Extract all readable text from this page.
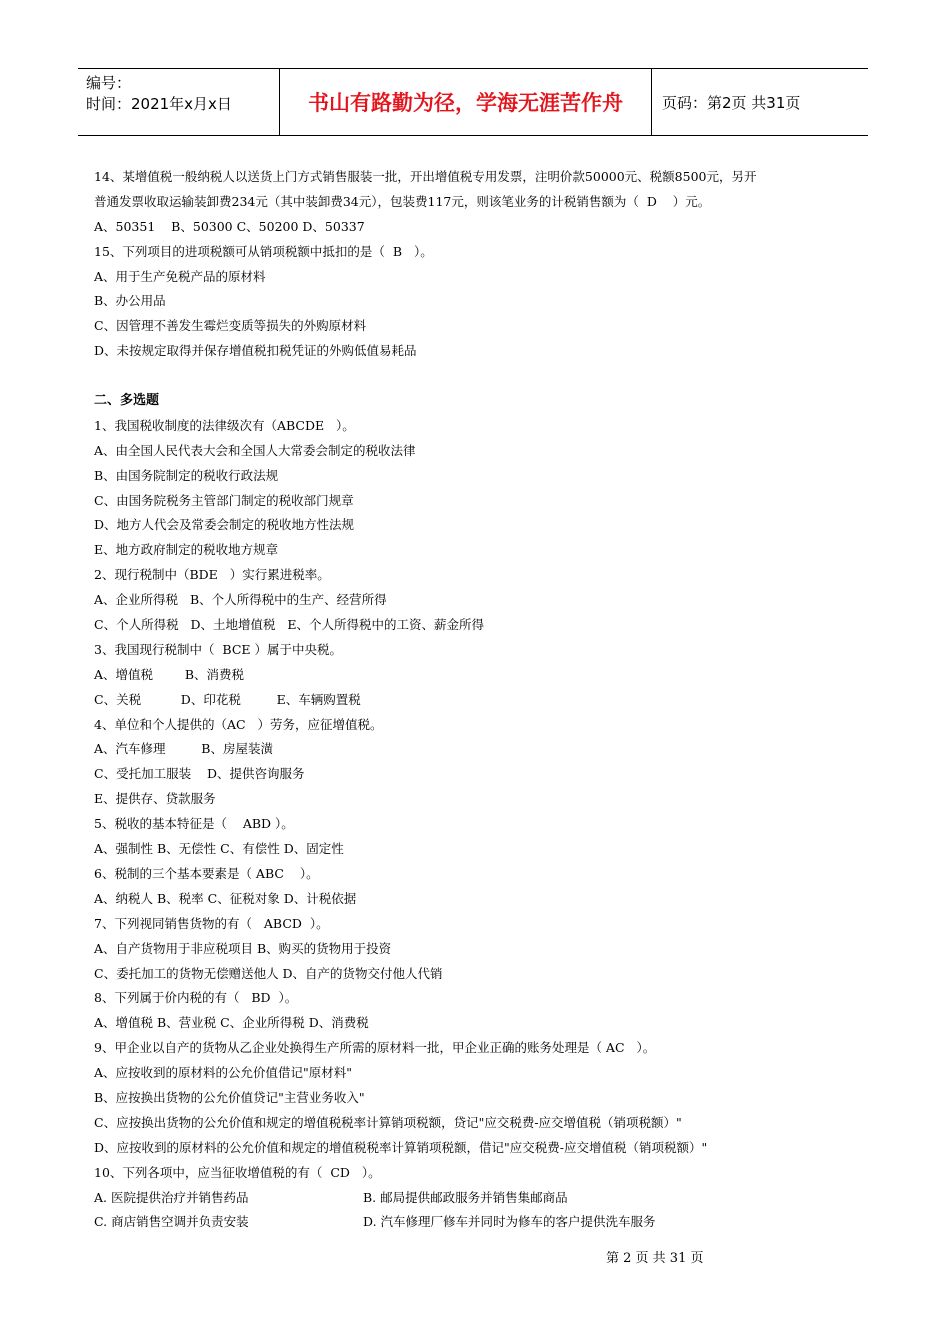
编号：
时间：2021年x月x日	书山有路勤为径，学海无涯苦作舟	页码：第2页 共31页
14、某增值税一般纳税人以送货上门方式销售服装一批，开出增值税专用发票，注明价款50000元、税额8500元，另开
普通发票收取运输装卸费234元（其中装卸费34元），包装费117元，则该笔业务的计税销售额为（  D    ）元。
A、50351    B、50300 C、50200 D、50337
15、下列项目的进项税额可从销项税额中抵扣的是（  B   ）。
A、用于生产免税产品的原材料
B、办公用品
C、因管理不善发生霉烂变质等损失的外购原材料
D、未按规定取得并保存增值税扣税凭证的外购低值易耗品
二、多选题
1、我国税收制度的法律级次有（ABCDE   ）。
A、由全国人民代表大会和全国人大常委会制定的税收法律
B、由国务院制定的税收行政法规
C、由国务院税务主管部门制定的税收部门规章
D、地方人代会及常委会制定的税收地方性法规
E、地方政府制定的税收地方规章
2、现行税制中（BDE   ）实行累进税率。
A、企业所得税   B、个人所得税中的生产、经营所得
C、个人所得税   D、土地增值税   E、个人所得税中的工资、薪金所得
3、我国现行税制中（  BCE ）属于中央税。
A、增值税        B、消费税
C、关税          D、印花税         E、车辆购置税
4、单位和个人提供的（AC   ）劳务，应征增值税。
A、汽车修理         B、房屋装潢
C、受托加工服装    D、提供咨询服务
E、提供存、贷款服务
5、税收的基本特征是（    ABD ）。
A、强制性 B、无偿性 C、有偿性 D、固定性
6、税制的三个基本要素是（ ABC    ）。
A、纳税人 B、税率 C、征税对象 D、计税依据
7、下列视同销售货物的有（   ABCD  ）。
A、自产货物用于非应税项目 B、购买的货物用于投资
C、委托加工的货物无偿赠送他人 D、自产的货物交付他人代销
8、下列属于价内税的有（   BD  ）。
A、增值税 B、营业税 C、企业所得税 D、消费税
9、甲企业以自产的货物从乙企业处换得生产所需的原材料一批，甲企业正确的账务处理是（ AC   ）。
A、应按收到的原材料的公允价值借记"原材料"
B、应按换出货物的公允价值贷记"主营业务收入"
C、应按换出货物的公允价值和规定的增值税税率计算销项税额，贷记"应交税费-应交增值税（销项税额）"
D、应按收到的原材料的公允价值和规定的增值税税率计算销项税额，借记"应交税费-应交增值税（销项税额）"
10、下列各项中，应当征收增值税的有（  CD   ）。
A. 医院提供治疗并销售药品	B. 邮局提供邮政服务并销售集邮商品
C. 商店销售空调并负责安装	D. 汽车修理厂修车并同时为修车的客户提供洗车服务
第 2 页 共 31 页
